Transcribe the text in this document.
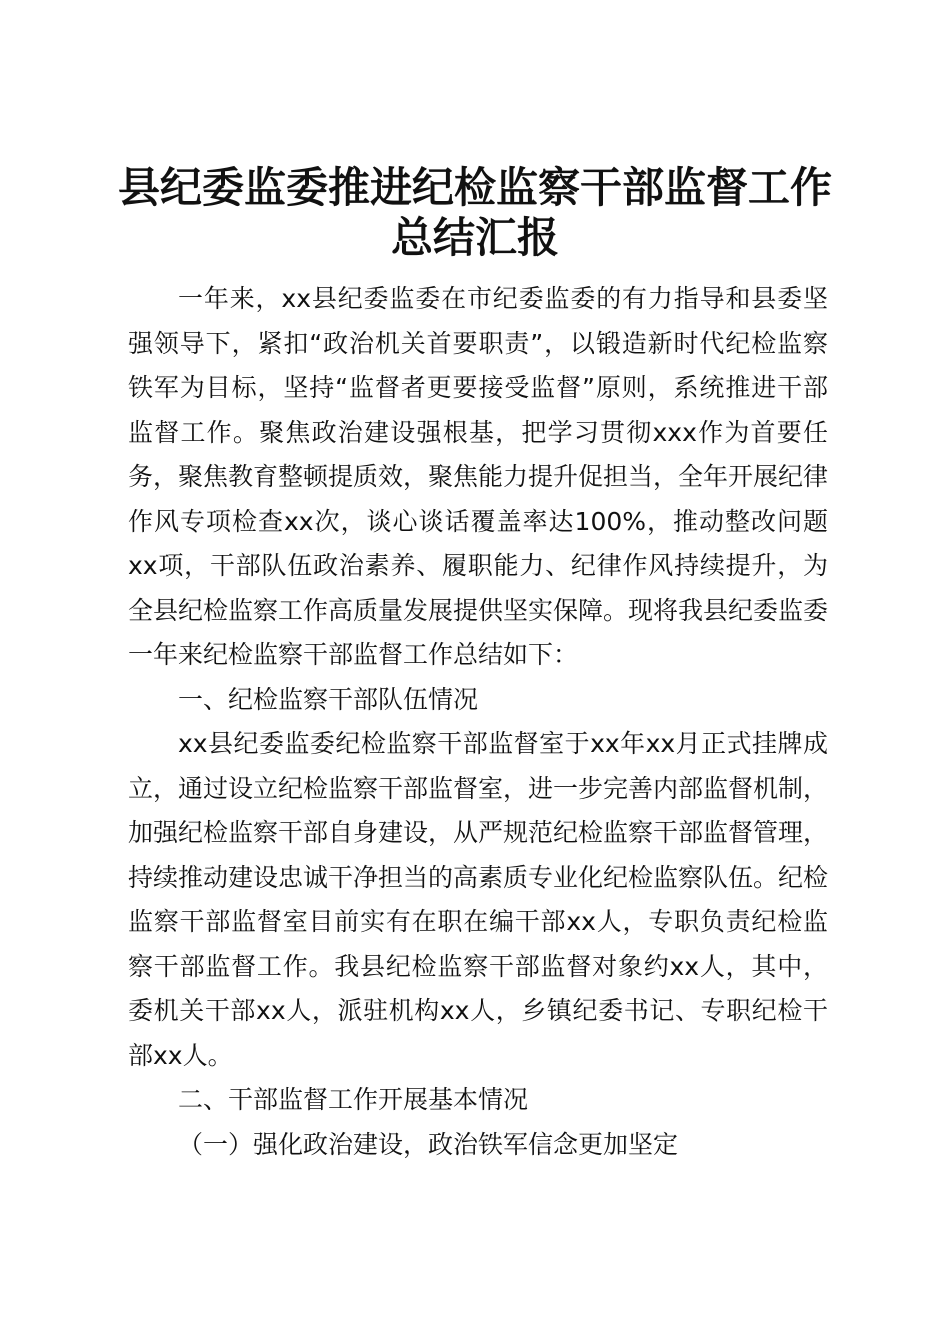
县纪委监委推进纪检监察干部监督工作
总结汇报

一年来，xx县纪委监委在市纪委监委的有力指导和县委坚强领导下，紧扣“政治机关首要职责”，以锻造新时代纪检监察铁军为目标，坚持“监督者更要接受监督”原则，系统推进干部监督工作。聚焦政治建设强根基，把学习贯彻xxx作为首要任务，聚焦教育整顿提质效，聚焦能力提升促担当，全年开展纪律作风专项检查xx次，谈心谈话覆盖率达100%，推动整改问题xx项，干部队伍政治素养、履职能力、纪律作风持续提升，为全县纪检监察工作高质量发展提供坚实保障。现将我县纪委监委一年来纪检监察干部监督工作总结如下：

一、纪检监察干部队伍情况

xx县纪委监委纪检监察干部监督室于xx年xx月正式挂牌成立，通过设立纪检监察干部监督室，进一步完善内部监督机制，加强纪检监察干部自身建设，从严规范纪检监察干部监督管理，持续推动建设忠诚干净担当的高素质专业化纪检监察队伍。纪检监察干部监督室目前实有在职在编干部xx人，专职负责纪检监察干部监督工作。我县纪检监察干部监督对象约xx人，其中，委机关干部xx人，派驻机构xx人，乡镇纪委书记、专职纪检干部xx人。

二、干部监督工作开展基本情况

（一）强化政治建设，政治铁军信念更加坚定
